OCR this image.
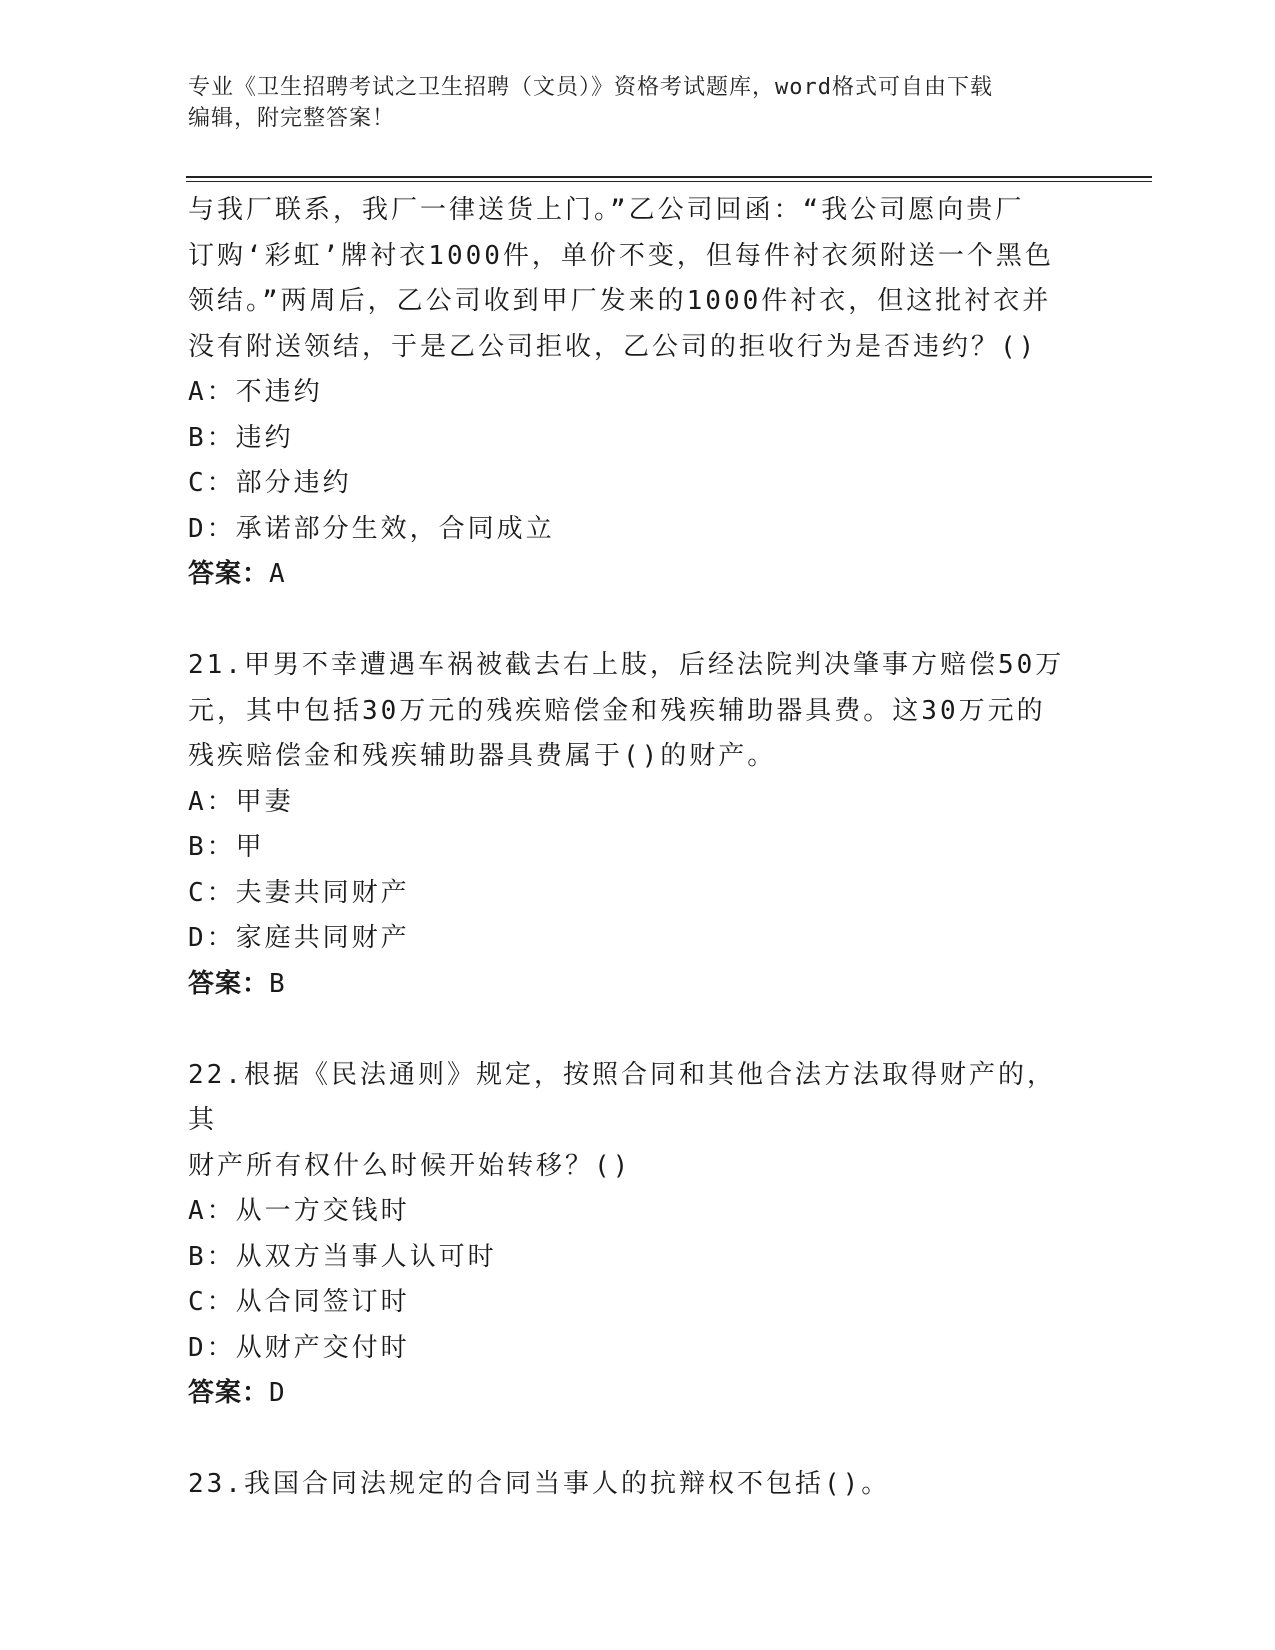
专业《卫生招聘考试之卫生招聘（文员）》资格考试题库，word格式可自由下载
编辑，附完整答案！

与我厂联系，我厂一律送货上门。”乙公司回函：“我公司愿向贵厂

订购‘彩虹’牌衬衣1000件，单价不变，但每件衬衣须附送一个黑色

领结。”两周后，乙公司收到甲厂发来的1000件衬衣，但这批衬衣并

没有附送领结，于是乙公司拒收，乙公司的拒收行为是否违约？()

A：不违约

B：违约

C：部分违约

D：承诺部分生效，合同成立

答案：A

21.甲男不幸遭遇车祸被截去右上肢，后经法院判决肇事方赔偿50万

元，其中包括30万元的残疾赔偿金和残疾辅助器具费。这30万元的

残疾赔偿金和残疾辅助器具费属于()的财产。

A：甲妻

B：甲

C：夫妻共同财产

D：家庭共同财产

答案：B

22.根据《民法通则》规定，按照合同和其他合法方法取得财产的，其

财产所有权什么时候开始转移？()

A：从一方交钱时

B：从双方当事人认可时

C：从合同签订时

D：从财产交付时

答案：D

23.我国合同法规定的合同当事人的抗辩权不包括()。
